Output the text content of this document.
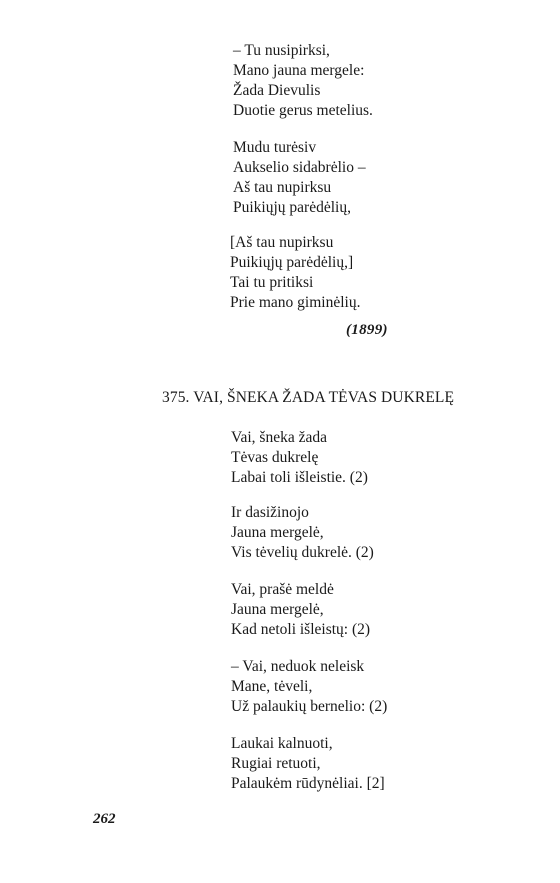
– Tu nusipirksi,
Mano jauna mergele:
Žada Dievulis
Duotie gerus metelius.
Mudu turėsiv
Aukselio sidabrėlio –
Aš tau nupirksu
Puikiųjų parėdėlių,
[Aš tau nupirksu
Puikiųjų parėdėlių,]
Tai tu pritiksi
Prie mano giminėlių.
(1899)
375. VAI, ŠNEKA ŽADA TĖVAS DUKRELĘ
Vai, šneka žada
Tėvas dukrelę
Labai toli išleistie. (2)
Ir dasižinojo
Jauna mergelė,
Vis tėvelių dukrelė. (2)
Vai, prašė meldė
Jauna mergelė,
Kad netoli išleistų: (2)
– Vai, neduok neleisk
Mane, tėveli,
Už palaukių bernelio: (2)
Laukai kalnuoti,
Rugiai retuoti,
Palaukėm rūdynėliai. [2]
262
